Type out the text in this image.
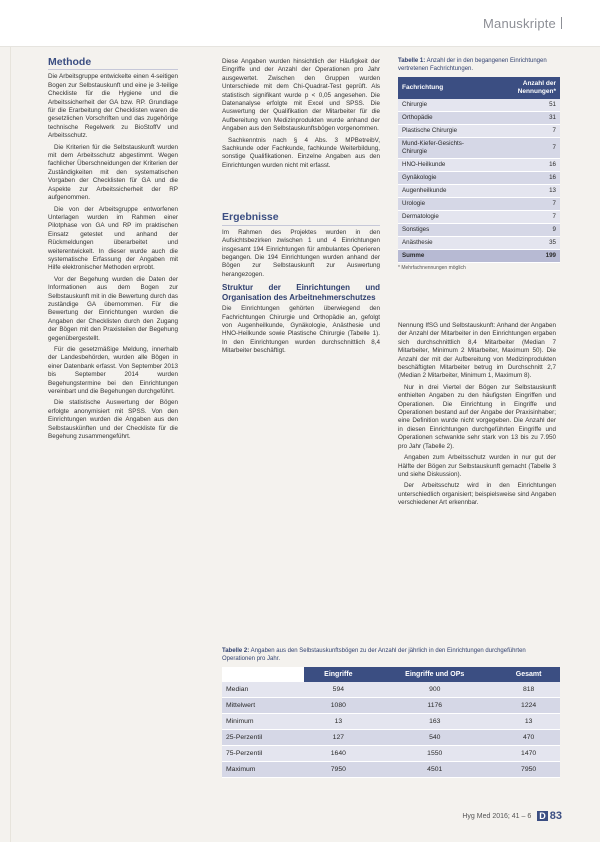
Manuskripte
Methode

Die Arbeitsgruppe entwickelte einen 4-seitigen Bogen zur Selbstauskunft und eine je 3-teilige Checkliste für die Hygiene und die Arbeitssicherheit der GA bzw. RP. Grundlage für die Erarbeitung der Checklisten waren die gesetzlichen Vorschriften und das zugehörige technische Regelwerk zu BioStoffV und Arbeitsschutz.

Die Kriterien für die Selbstauskunft wurden mit dem Arbeitsschutz abgestimmt. Wegen fachlicher Überschneidungen der Kriterien der Zuständigkeiten mit den systematischen Vorgaben der Checklisten für GA und die Aspekte zur Arbeitssicherheit der RP aufgenommen.

Die von der Arbeitsgruppe entworfenen Unterlagen wurden im Rahmen einer Pilotphase von GA und RP im praktischen Einsatz getestet und anhand der Rückmeldungen überarbeitet und weiterentwickelt. In dieser wurde auch die systematische Erfassung der Angaben mit Hilfe elektronischer Methoden erprobt.

Vor der Begehung wurden die Daten der Informationen aus dem Bogen zur Selbstauskunft mit in die Bewertung durch das zuständige GA übernommen. Für die Bewertung der Einrichtungen wurden die Angaben der Checklisten durch den Zugang der Bögen mit den Praxisteilen der Begehung gegenübergestellt.

Für die gesetzmäßige Meldung, innerhalb der Landesbehörden, wurden alle Bögen in einer Datenbank erfasst. Von September 2013 bis September 2014 wurden Begehungstermine bei den Einrichtungen vereinbart und die Begehungen durchgeführt.

Die statistische Auswertung der Bögen erfolgte anonymisiert mit SPSS. Von den Einrichtungen wurden die Angaben aus den Selbstauskünften und der Checkliste für die Begehung zusammengeführt.

Diese Angaben wurden hinsichtlich der Häufigkeit der Eingriffe und der Anzahl der Operationen pro Jahr ausgewertet. Zwischen den Gruppen wurden Unterschiede mit dem Chi-Quadrat-Test geprüft. Als statistisch signifikant wurde p < 0,05 angesehen. Die Datenanalyse erfolgte mit Excel und SPSS. Die Auswertung der Qualifikation der Mitarbeiter für die Aufbereitung von Medizinprodukten wurde anhand der Angaben aus den Selbstauskunftsbögen vorgenommen.

Sachkenntnis nach § 4 Abs. 3 MPBetreibV, Sachkunde oder Fachkunde, fachkunde Weiterbildung, sonstige Qualifikationen. Einzelne Angaben aus den Einrichtungen wurden nicht mit erfasst.

Ergebnisse

Im Rahmen des Projektes wurden in den Aufsichtsbezirken zwischen 1 und 4 Einrichtungen insgesamt 194 Einrichtungen für ambulantes Operieren begangen. Die 194 Einrichtungen wurden anhand der Bögen zur Selbstauskunft zur Auswertung herangezogen.

Struktur der Einrichtungen und Organisation des Arbeitnehmerschutzes

Die Einrichtungen gehörten überwiegend den Fachrichtungen Chirurgie und Orthopädie an, gefolgt von Augenheilkunde, Gynäkologie, Anästhesie und HNO-Heilkunde sowie Plastische Chirurgie (Tabelle 1). In den Einrichtungen wurden durchschnittlich 8,4 Mitarbeiter beschäftigt.

Tabelle 1: Anzahl der in den begangenen Einrichtungen vertretenen Fachrichtungen.
Fachrichtung	Anzahl der Nennungen*
Chirurgie	51
Orthopädie	31
Plastische Chirurgie	7
Mund-Kiefer-Gesichts-Chirurgie	7
HNO-Heilkunde	16
Gynäkologie	16
Augenheilkunde	13
Urologie	7
Dermatologie	7
Sonstiges	9
Anästhesie	35
Summe	199
* Mehrfachnennungen möglich

Nennung IfSG und Selbstauskunft: Anhand der Angaben der Anzahl der Mitarbeiter in den Einrichtungen ergaben sich durchschnittlich 8,4 Mitarbeiter (Median 7 Mitarbeiter, Minimum 2 Mitarbeiter, Maximum 50). Die Anzahl der mit der Aufbereitung von Medizinprodukten beschäftigten Mitarbeiter betrug im Durchschnitt 2,7 (Median 2 Mitarbeiter, Minimum 1, Maximum 8).

Nur in drei Viertel der Bögen zur Selbstauskunft enthielten Angaben zu den häufigsten Eingriffen und Operationen. Die Einrichtung in Eingriffe und Operationen bestand auf der Angabe der Praxisinhaber; eine Definition wurde nicht vorgegeben. Die Anzahl der in diesen Einrichtungen durchgeführten Eingriffe und Operationen schwankte sehr stark von 13 bis zu 7.950 pro Jahr (Tabelle 2).

Angaben zum Arbeitsschutz wurden in nur gut der Hälfte der Bögen zur Selbstauskunft gemacht (Tabelle 3 und siehe Diskussion).

Der Arbeitsschutz wird in den Einrichtungen unterschiedlich organisiert; beispielsweise sind Angaben verschiedener Art erkennbar.

Tabelle 2: Angaben aus den Selbstauskunftsbögen zu der Anzahl der jährlich in den Einrichtungen durchgeführten Operationen pro Jahr.
	Eingriffe	Eingriffe und OPs	Gesamt
Median	594	900	818
Mittelwert	1080	1176	1224
Minimum	13	163	13
25-Perzentil	127	540	470
75-Perzentil	1640	1550	1470
Maximum	7950	4501	7950
Hyg Med 2016; 41 – 6 D 83
